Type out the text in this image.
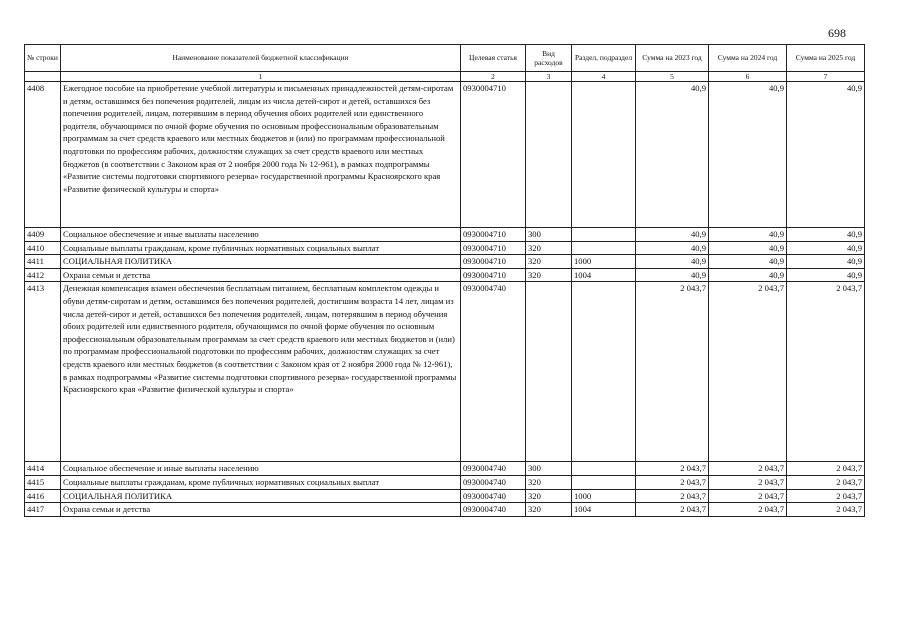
698
№ строки	Наименование показателей бюджетной классификации	Целевая статья	Вид расходов	Раздел, подраздел	Сумма на 2023 год	Сумма на 2024 год	Сумма на 2025 год
	1	2	3	4	5	6	7
4408	Ежегодное пособие на приобретение учебной литературы и письменных принадлежностей детям-сиротам и детям, оставшимся без попечения родителей, лицам из числа детей-сирот и детей, оставшихся без попечения родителей, лицам, потерявшим в период обучения обоих родителей или единственного родителя, обучающимся по очной форме обучения по основным профессиональным образовательным программам за счет средств краевого или местных бюджетов и (или) по программам профессиональной подготовки по профессиям рабочих, должностям служащих за счет средств краевого или местных бюджетов (в соответствии с Законом края от 2 ноября 2000 года № 12-961), в рамках подпрограммы «Развитие системы подготовки спортивного резерва» государственной программы Красноярского края «Развитие физической культуры и спорта»	0930004710			40,9	40,9	40,9
4409	Социальное обеспечение и иные выплаты населению	0930004710	300		40,9	40,9	40,9
4410	Социальные выплаты гражданам, кроме публичных нормативных социальных выплат	0930004710	320		40,9	40,9	40,9
4411	СОЦИАЛЬНАЯ ПОЛИТИКА	0930004710	320	1000	40,9	40,9	40,9
4412	Охрана семьи и детства	0930004710	320	1004	40,9	40,9	40,9
4413	Денежная компенсация взамен обеспечения бесплатным питанием, бесплатным комплектом одежды и обуви детям-сиротам и детям, оставшимся без попечения родителей, достигшим возраста 14 лет, лицам из числа детей-сирот и детей, оставшихся без попечения родителей, лицам, потерявшим в период обучения обоих родителей или единственного родителя, обучающимся по очной форме обучения по основным профессиональным образовательным программам за счет средств краевого или местных бюджетов и (или) по программам профессиональной подготовки по профессиям рабочих, должностям служащих за счет средств краевого или местных бюджетов (в соответствии с Законом края от 2 ноября 2000 года № 12-961), в рамках подпрограммы «Развитие системы подготовки спортивного резерва» государственной программы Красноярского края «Развитие физической культуры и спорта»	0930004740			2 043,7	2 043,7	2 043,7
4414	Социальное обеспечение и иные выплаты населению	0930004740	300		2 043,7	2 043,7	2 043,7
4415	Социальные выплаты гражданам, кроме публичных нормативных социальных выплат	0930004740	320		2 043,7	2 043,7	2 043,7
4416	СОЦИАЛЬНАЯ ПОЛИТИКА	0930004740	320	1000	2 043,7	2 043,7	2 043,7
4417	Охрана семьи и детства	0930004740	320	1004	2 043,7	2 043,7	2 043,7
